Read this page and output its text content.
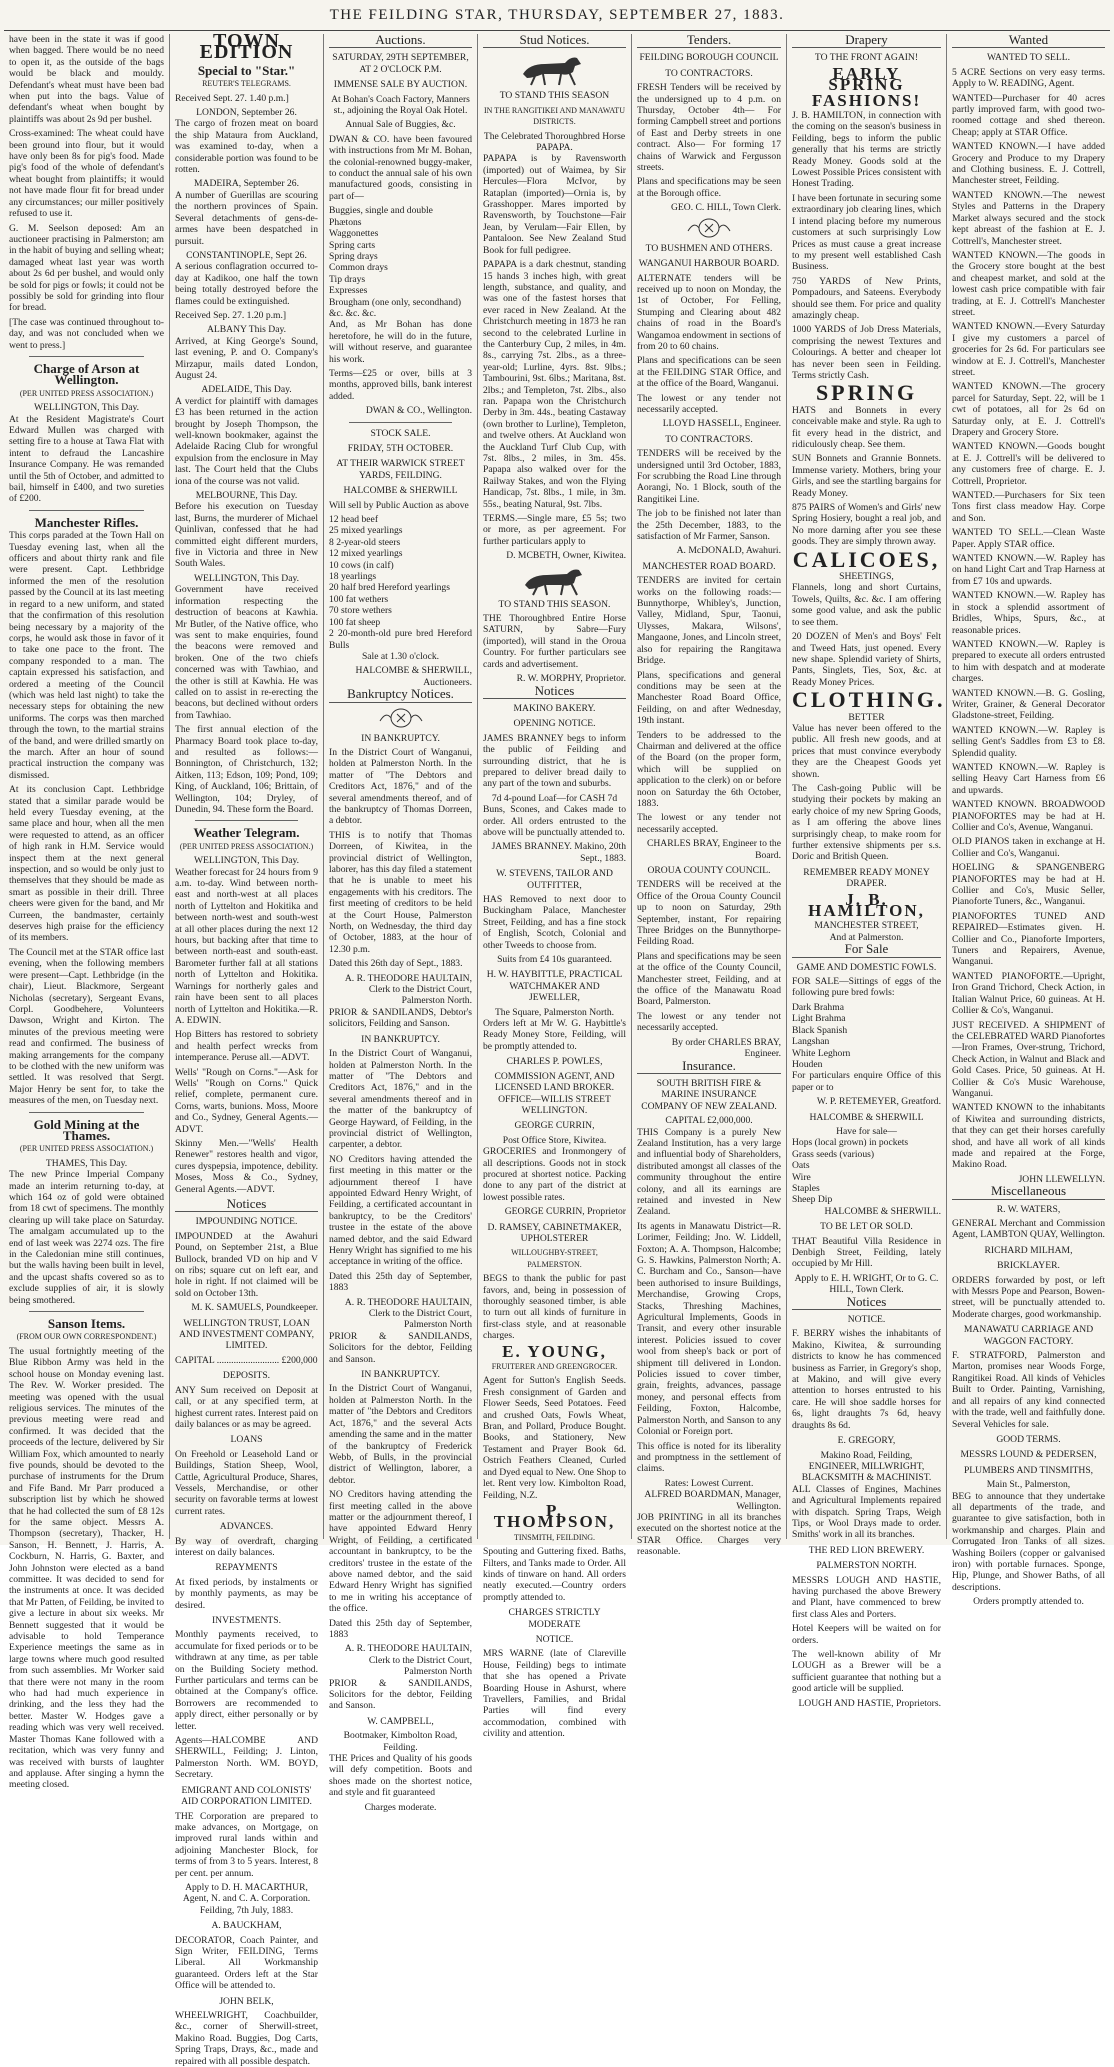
THE FEILDING STAR, THURSDAY, SEPTEMBER 27, 1883.

have been in the state it was if good when bagged. There would be no need to open it, as the outside of the bags would be black and mouldy. Defendant's wheat must have been bad when put into the bags. Value of defendant's wheat when bought by plaintiffs was about 2s 9d per bushel.

Cross-examined: The wheat could have been ground into flour, but it would have only been 8s for pig's food. Made pig's food of the whole of defendant's wheat bought from plaintiffs; it would not have made flour fit for bread under any circumstances; our miller positively refused to use it.

G. M. Seelson deposed: Am an auctioneer practising in Palmerston; am in the habit of buying and selling wheat; damaged wheat last year was worth about 2s 6d per bushel, and would only be sold for pigs or fowls; it could not be possibly be sold for grinding into flour for bread.

[The case was continued throughout to-day, and was not concluded when we went to press.]

Charge of Arson at Wellington.
(PER UNITED PRESS ASSOCIATION.)
WELLINGTON, This Day.

At the Resident Magistrate's Court Edward Mullen was charged with setting fire to a house at Tawa Flat with intent to defraud the Lancashire Insurance Company. He was remanded until the 5th of October, and admitted to bail, himself in £400, and two sureties of £200.

Manchester Rifles.

This corps paraded at the Town Hall on Tuesday evening last, when all the officers and about thirty rank and file were present. Capt. Lethbridge informed the men of the resolution passed by the Council at its last meeting in regard to a new uniform, and stated that the confirmation of this resolution being necessary by a majority of the corps, he would ask those in favor of it to take one pace to the front. The company responded to a man. The captain expressed his satisfaction, and ordered a meeting of the Council (which was held last night) to take the necessary steps for obtaining the new uniforms. The corps was then marched through the town, to the martial strains of the band, and were drilled smartly on the march. After an hour of sound practical instruction the company was dismissed.

At its conclusion Capt. Lethbridge stated that a similar parade would be held every Tuesday evening, at the same place and hour, when all the men were requested to attend, as an officer of high rank in H.M. Service would inspect them at the next general inspection, and so would be only just to themselves that they should be made as smart as possible in their drill. Three cheers were given for the band, and Mr Curreen, the bandmaster, certainly deserves high praise for the efficiency of its members.

The Council met at the STAR office last evening, when the following members were present—Capt. Lethbridge (in the chair), Lieut. Blackmore, Sergeant Nicholas (secretary), Sergeant Evans, Corpl. Goodbehere, Volunteers Dawson, Wright and Kirton. The minutes of the previous meeting were read and confirmed. The business of making arrangements for the company to be clothed with the new uniform was settled. It was resolved that Sergt. Major Henry be sent for, to take the measures of the men, on Tuesday next.

Gold Mining at the Thames.
(PER UNITED PRESS ASSOCIATION.)
THAMES, This Day.

The new Prince Imperial Company made an interim returning to-day, at which 164 oz of gold were obtained from 18 cwt of specimens. The monthly clearing up will take place on Saturday. The amalgam accumulated up to the end of last week was 2274 ozs. The fire in the Caledonian mine still continues, but the walls having been built in level, and the upcast shafts covered so as to exclude supplies of air, it is slowly being smothered.

Sanson Items.
(FROM OUR OWN CORRESPONDENT.)

The usual fortnightly meeting of the Blue Ribbon Army was held in the school house on Monday evening last. The Rev. W. Worker presided. The meeting was opened with the usual religious services. The minutes of the previous meeting were read and confirmed. It was decided that the proceeds of the lecture, delivered by Sir William Fox, which amounted to nearly five pounds, should be devoted to the purchase of instruments for the Drum and Fife Band. Mr Parr produced a subscription list by which he showed that he had collected the sum of £8 12s for the same object. Messrs A. Thompson (secretary), Thacker, H. Sanson, H. Bennett, J. Harris, A. Cockburn, N. Harris, G. Baxter, and John Johnston were elected as a band committee. It was decided to send for the instruments at once. It was decided that Mr Patten, of Feilding, be invited to give a lecture in about six weeks. Mr Bennett suggested that it would be advisable to hold Temperance Experience meetings the same as in large towns where much good resulted from such assemblies. Mr Worker said that there were not many in the room who had had much experience in drinking, and the less they had the better. Master W. Hodges gave a reading which was very well received. Master Thomas Kane followed with a recitation, which was very funny and was received with bursts of laughter and applause. After singing a hymn the meeting closed.

TOWN EDITION
Special to "Star."
REUTER'S TELEGRAMS.

Received Sept. 27. 1.40 p.m.]

LONDON, September 26.

The cargo of frozen meat on board the ship Mataura from Auckland, was examined to-day, when a considerable portion was found to be rotten.

MADEIRA, September 26.

A number of Guerillas are scouring the northern provinces of Spain. Several detachments of gens-de-armes have been despatched in pursuit.

CONSTANTINOPLE, Sept 26.

A serious conflagration occurred to-day at Kadikoo, one half the town being totally destroyed before the flames could be extinguished.

Received Sep. 27. 1.20 p.m.]

ALBANY This Day.

Arrived, at King George's Sound, last evening, P. and O. Company's Mirzapur, mails dated London, August 24.

ADELAIDE, This Day.

A verdict for plaintiff with damages £3 has been returned in the action brought by Joseph Thompson, the well-known bookmaker, against the Adelaide Racing Club for wrongful expulsion from the enclosure in May last. The Court held that the Clubs iona of the course was not valid.

MELBOURNE, This Day.

Before his execution on Tuesday last, Burns, the murderer of Michael Quinlivan, confessed that he had committed eight different murders, five in Victoria and three in New South Wales.

WELLINGTON, This Day.

Government have received information respecting the destruction of beacons at Kawhia. Mr Butler, of the Native office, who was sent to make enquiries, found the beacons were removed and broken. One of the two chiefs concerned was with Tawhiao, and the other is still at Kawhia. He was called on to assist in re-erecting the beacons, but declined without orders from Tawhiao.

The first annual election of the Pharmacy Board took place to-day, and resulted as follows:—Bonnington, of Christchurch, 132; Aitken, 113; Edson, 109; Pond, 109; King, of Auckland, 106; Brittain, of Wellington, 104; Dryley, of Dunedin, 94. These form the Board.

Weather Telegram.
(PER UNITED PRESS ASSOCIATION.)
WELLINGTON, This Day.

Weather forecast for 24 hours from 9 a.m. to-day. Wind between north-east and north-west at all places north of Lyttelton and Hokitika and between north-west and south-west at all other places during the next 12 hours, but backing after that time to between north-east and south-east. Barometer further fall at all stations north of Lyttelton and Hokitika. Warnings for northerly gales and rain have been sent to all places north of Lyttelton and Hokitika.—R. A. EDWIN.

Hop Bitters has restored to sobriety and health perfect wrecks from intemperance. Peruse all.—ADVT.

Wells' "Rough on Corns."—Ask for Wells' "Rough on Corns." Quick relief, complete, permanent cure. Corns, warts, bunions. Moss, Moore and Co., Sydney, General Agents.—ADVT.

Skinny Men.—"Wells' Health Renewer" restores health and vigor, cures dyspepsia, impotence, debility. Moses, Moss & Co., Sydney, General Agents.—ADVT.

Notices
IMPOUNDING NOTICE.

IMPOUNDED at the Awahuri Pound, on September 21st, a Blue Bullock, branded VD on hip and V on ribs; square cut on left ear, and hole in right. If not claimed will be sold on October 13th.

M. K. SAMUELS, Poundkeeper.
WELLINGTON TRUST, LOAN AND INVESTMENT COMPANY, LIMITED.

CAPITAL .......................... £200,000

DEPOSITS.

ANY Sum received on Deposit at call, or at any specified term, at highest current rates. Interest paid on daily balances or as may be agreed.

LOANS

On Freehold or Leasehold Land or Buildings, Station Sheep, Wool, Cattle, Agricultural Produce, Shares, Vessels, Merchandise, or other security on favorable terms at lowest current rates.

ADVANCES.

By way of overdraft, charging interest on daily balances.

REPAYMENTS

At fixed periods, by instalments or by monthly payments, as may be desired.

INVESTMENTS.

Monthly payments received, to accumulate for fixed periods or to be withdrawn at any time, as per table on the Building Society method. Further particulars and terms can be obtained at the Company's office. Borrowers are recommended to apply direct, either personally or by letter.

Agents—HALCOMBE AND SHERWILL, Feilding; J. Linton, Palmerston North. WM. BOYD, Secretary.

EMIGRANT AND COLONISTS' AID CORPORATION LIMITED.

THE Corporation are prepared to make advances, on Mortgage, on improved rural lands within and adjoining Manchester Block, for terms of from 3 to 5 years. Interest, 8 per cent. per annum.

Apply to D. H. MACARTHUR, Agent, N. and C. A. Corporation. Feilding, 7th July, 1883.

A. BAUCKHAM,

DECORATOR, Coach Painter, and Sign Writer, FEILDING, Terms Liberal. All Workmanship guaranteed. Orders left at the Star Office will be attended to.

JOHN BELK,

WHEELWRIGHT, Coachbuilder, &c., corner of Sherwill-street, Makino Road. Buggies, Dog Carts, Spring Traps, Drays, &c., made and repaired with all possible despatch.

Auctions.
SATURDAY, 29TH SEPTEMBER, AT 2 O'CLOCK P.M.
IMMENSE SALE BY AUCTION.

At Bohan's Coach Factory, Manners st., adjoining the Royal Oak Hotel.

Annual Sale of Buggies, &c.

DWAN & CO. have been favoured with instructions from Mr M. Bohan, the colonial-renowned buggy-maker, to conduct the annual sale of his own manufactured goods, consisting in part of—

Buggies, single and double
Phætons
Waggonettes
Spring carts
Spring drays
Common drays
Tip drays
Expresses
Brougham (one only, secondhand)
&c. &c. &c.

And, as Mr Bohan has done heretofore, he will do in the future, will without reserve, and guarantee his work.

Terms—£25 or over, bills at 3 months, approved bills, bank interest added.

DWAN & CO., Wellington.
STOCK SALE.
FRIDAY, 5TH OCTOBER.
AT THEIR WARWICK STREET YARDS, FEILDING.
HALCOMBE & SHERWILL

Will sell by Public Auction as above

12 head beef
25 mixed yearlings
8 2-year-old steers
12 mixed yearlings
10 cows (in calf)
18 yearlings
20 half bred Hereford yearlings
100 fat wethers
70 store wethers
100 fat sheep
2 20-month-old pure bred Hereford Bulls

Sale at 1.30 o'clock.

HALCOMBE & SHERWILL, Auctioneers.
Bankruptcy Notices.
IN BANKRUPTCY.

In the District Court of Wanganui, holden at Palmerston North. In the matter of "The Debtors and Creditors Act, 1876," and of the several amendments thereof, and of the bankruptcy of Thomas Dorreen, a debtor.

THIS is to notify that Thomas Dorreen, of Kiwitea, in the provincial district of Wellington, laborer, has this day filed a statement that he is unable to meet his engagements with his creditors. The first meeting of creditors to be held at the Court House, Palmerston North, on Wednesday, the third day of October, 1883, at the hour of 12.30 p.m.

Dated this 26th day of Sept., 1883.

A. R. THEODORE HAULTAIN, Clerk to the District Court, Palmerston North.

PRIOR & SANDILANDS, Debtor's solicitors, Feilding and Sanson.

IN BANKRUPTCY.

In the District Court of Wanganui, holden at Palmerston North. In the matter of "The Debtors and Creditors Act, 1876," and in the several amendments thereof and in the matter of the bankruptcy of George Hayward, of Feilding, in the provincial district of Wellington, carpenter, a debtor.

NO Creditors having attended the first meeting in this matter or the adjournment thereof I have appointed Edward Henry Wright, of Feilding, a certificated accountant in bankruptcy, to be the Creditors' trustee in the estate of the above named debtor, and the said Edward Henry Wright has signified to me his acceptance in writing of the office.

Dated this 25th day of September, 1883

A. R. THEODORE HAULTAIN, Clerk to the District Court, Palmerston North

PRIOR & SANDILANDS, Solicitors for the debtor, Feilding and Sanson.

IN BANKRUPTCY.

In the District Court of Wanganui, holden at Palmerston North. In the matter of "the Debtors and Creditors Act, 1876," and the several Acts amending the same and in the matter of the bankruptcy of Frederick Webb, of Bulls, in the provincial district of Wellington, laborer, a debtor.

NO Creditors having attending the first meeting called in the above matter or the adjournment thereof, I have appointed Edward Henry Wright, of Feilding, a certificated accountant in bankruptcy, to be the creditors' trustee in the estate of the above named debtor, and the said Edward Henry Wright has signified to me in writing his acceptance of the office.

Dated this 25th day of September, 1883

A. R. THEODORE HAULTAIN, Clerk to the District Court, Palmerston North

PRIOR & SANDILANDS, Solicitors for the debtor, Feilding and Sanson.

W. CAMPBELL,
Bootmaker, Kimbolton Road, Feilding.

THE Prices and Quality of his goods will defy competition. Boots and shoes made on the shortest notice, and style and fit guaranteed

Charges moderate.
Stud Notices.
TO STAND THIS SEASON
IN THE RANGITIKEI AND MANAWATU DISTRICTS.
The Celebrated Thoroughbred Horse PAPAPA.

PAPAPA is by Ravensworth (imported) out of Waimea, by Sir Hercules—Flora McIvor, by Rataplan (imported)—Ornia is, by Grasshopper. Mares imported by Ravensworth, by Touchstone—Fair Jean, by Verulam—Fair Ellen, by Pantaloon. See New Zealand Stud Book for full pedigree.

PAPAPA is a dark chestnut, standing 15 hands 3 inches high, with great length, substance, and quality, and was one of the fastest horses that ever raced in New Zealand. At the Christchurch meeting in 1873 he ran second to the celebrated Lurline in the Canterbury Cup, 2 miles, in 4m. 8s., carrying 7st. 2lbs., as a three-year-old; Lurline, 4yrs. 8st. 9lbs.; Tambourini, 9st. 6lbs.; Maritana, 8st. 2lbs.; and Templeton, 7st. 2lbs., also ran. Papapa won the Christchurch Derby in 3m. 44s., beating Castaway (own brother to Lurline), Templeton, and twelve others. At Auckland won the Auckland Turf Club Cup, with 7st. 8lbs., 2 miles, in 3m. 45s. Papapa also walked over for the Railway Stakes, and won the Flying Handicap, 7st. 8lbs., 1 mile, in 3m. 55s., beating Natural, 9st. 7lbs.

TERMS.—Single mare, £5 5s; two or more, as per agreement. For further particulars apply to

D. MCBETH, Owner, Kiwitea.
TO STAND THIS SEASON.

THE Thoroughbred Entire Horse SATURN, by Sabre—Fury (imported), will stand in the Oroua Country. For further particulars see cards and advertisement.

R. W. MORPHY, Proprietor.
Notices
MAKINO BAKERY.
OPENING NOTICE.

JAMES BRANNEY begs to inform the public of Feilding and surrounding district, that he is prepared to deliver bread daily to any part of the town and suburbs.

7d 4-pound Loaf—for CASH 7d

Buns, Scones, and Cakes made to order. All orders entrusted to the above will be punctually attended to.

JAMES BRANNEY. Makino, 20th Sept., 1883.
W. STEVENS, TAILOR AND OUTFITTER,

HAS Removed to next door to Buckingham Palace, Manchester Street, Feilding, and has a fine stock of English, Scotch, Colonial and other Tweeds to choose from.

Suits from £4 10s guaranteed.
H. W. HAYBITTLE, PRACTICAL WATCHMAKER AND JEWELLER,
The Square, Palmerston North.

Orders left at Mr W. G. Haybittle's Ready Money Store, Feilding, will be promptly attended to.

CHARLES P. POWLES,
COMMISSION AGENT, AND LICENSED LAND BROKER. OFFICE—WILLIS STREET WELLINGTON.
GEORGE CURRIN,
Post Office Store, Kiwitea.

GROCERIES and Ironmongery of all descriptions. Goods not in stock procured at shortest notice. Packing done to any part of the district at lowest possible rates.

GEORGE CURRIN, Proprietor
D. RAMSEY, CABINETMAKER, UPHOLSTERER
WILLOUGHBY-STREET, PALMERSTON.

BEGS to thank the public for past favors, and, being in possession of thoroughly seasoned timber, is able to turn out all kinds of furniture in first-class style, and at reasonable charges.

E. YOUNG,
FRUITERER AND GREENGROCER.

Agent for Sutton's English Seeds. Fresh consignment of Garden and Flower Seeds, Seed Potatoes. Feed and crushed Oats, Fowls Wheat, Bran, and Pollard, Produce Bought. Books, and Stationery, New Testament and Prayer Book 6d. Ostrich Feathers Cleaned, Curled and Dyed equal to New. One Shop to let. Rent very low. Kimbolton Road, Feilding, N.Z.

P. THOMPSON,
TINSMITH, FEILDING.

Spouting and Guttering fixed. Baths, Filters, and Tanks made to Order. All kinds of tinware on hand. All orders neatly executed.—Country orders promptly attended to.

CHARGES STRICTLY MODERATE
NOTICE.

MRS WARNE (late of Clareville House, Feilding) begs to intimate that she has opened a Private Boarding House in Ashurst, where Travellers, Families, and Bridal Parties will find every accommodation, combined with civility and attention.

Tenders.
FEILDING BOROUGH COUNCIL
TO CONTRACTORS.

FRESH Tenders will be received by the undersigned up to 4 p.m. on Thursday, October 4th— For forming Campbell street and portions of East and Derby streets in one contract. Also— For forming 17 chains of Warwick and Fergusson streets.

Plans and specifications may be seen at the Borough office.

GEO. C. HILL, Town Clerk.
TO BUSHMEN AND OTHERS.
WANGANUI HARBOUR BOARD.

ALTERNATE tenders will be received up to noon on Monday, the 1st of October, For Felling, Stumping and Clearing about 482 chains of road in the Board's Wangamoa endowment in sections of from 20 to 60 chains.

Plans and specifications can be seen at the FEILDING STAR Office, and at the office of the Board, Wanganui.

The lowest or any tender not necessarily accepted.

LLOYD HASSELL, Engineer.
TO CONTRACTORS.

TENDERS will be received by the undersigned until 3rd October, 1883, For scrubbing the Road Line through Aorangi, No. 1 Block, south of the Rangitikei Line.

The job to be finished not later than the 25th December, 1883, to the satisfaction of Mr Farmer, Sanson.

A. McDONALD, Awahuri.
MANCHESTER ROAD BOARD.

TENDERS are invited for certain works on the following roads:— Bunnythorpe, Whibley's, Junction, Valley, Midland, Spur, Taonui, Ulysses, Makara, Wilsons', Mangaone, Jones, and Lincoln street, also for repairing the Rangitawa Bridge.

Plans, specifications and general conditions may be seen at the Manchester Road Board Office, Feilding, on and after Wednesday, 19th instant.

Tenders to be addressed to the Chairman and delivered at the office of the Board (on the proper form, which will be supplied on application to the clerk) on or before noon on Saturday the 6th October, 1883.

The lowest or any tender not necessarily accepted.

CHARLES BRAY, Engineer to the Board.
OROUA COUNTY COUNCIL.

TENDERS will be received at the Office of the Oroua County Council up to noon on Saturday, 29th September, instant, For repairing Three Bridges on the Bunnythorpe-Feilding Road.

Plans and specifications may be seen at the office of the County Council, Manchester street, Feilding, and at the office of the Manawatu Road Board, Palmerston.

The lowest or any tender not necessarily accepted.

By order CHARLES BRAY, Engineer.
Insurance.
SOUTH BRITISH FIRE & MARINE INSURANCE COMPANY OF NEW ZEALAND.
CAPITAL £2,000,000.

THIS Company is a purely New Zealand Institution, has a very large and influential body of Shareholders, distributed amongst all classes of the community throughout the entire colony, and all its earnings are retained and invested in New Zealand.

Its agents in Manawatu District—R. Lorimer, Feilding; Jno. W. Liddell, Foxton; A. A. Thompson, Halcombe; G. S. Hawkins, Palmerston North; A. C. Burcham and Co., Sanson—have been authorised to insure Buildings, Merchandise, Growing Crops, Stacks, Threshing Machines, Agricultural Implements, Goods in Transit, and every other insurable interest. Policies issued to cover wool from sheep's back or port of shipment till delivered in London. Policies issued to cover timber, grain, freights, advances, passage money, and personal effects from Feilding, Foxton, Halcombe, Palmerston North, and Sanson to any Colonial or Foreign port.

This office is noted for its liberality and promptness in the settlement of claims.

Rates: Lowest Current.
ALFRED BOARDMAN, Manager, Wellington.

JOB PRINTING in all its branches executed on the shortest notice at the STAR Office. Charges very reasonable.

Drapery
TO THE FRONT AGAIN!
EARLY SPRING
FASHIONS!

J. B. HAMILTON, in connection with the coming on the season's business in Feilding, begs to inform the public generally that his terms are strictly Ready Money. Goods sold at the Lowest Possible Prices consistent with Honest Trading.

I have been fortunate in securing some extraordinary job clearing lines, which I intend placing before my numerous customers at such surprisingly Low Prices as must cause a great increase to my present well established Cash Business.

750 YARDS of New Prints, Pompadours, and Sateens. Everybody should see them. For price and quality amazingly cheap.

1000 YARDS of Job Dress Materials, comprising the newest Textures and Colourings. A better and cheaper lot has never been seen in Feilding. Terms strictly Cash.

SPRING

HATS and Bonnets in every conceivable make and style. Ra ugh to fit every head in the district, and ridiculously cheap. See them.

SUN Bonnets and Grannie Bonnets. Immense variety. Mothers, bring your Girls, and see the startling bargains for Ready Money.

875 PAIRS of Women's and Girls' new Spring Hosiery, bought a real job, and No more darning after you see these goods. They are simply thrown away.

CALICOES,
SHEETINGS,

Flannels, long and short Curtains, Towels, Quilts, &c. &c. I am offering some good value, and ask the public to see them.

20 DOZEN of Men's and Boys' Felt and Tweed Hats, just opened. Every new shape. Splendid variety of Shirts, Pants, Singlets, Ties, Sox, &c. at Ready Money Prices.

CLOTHING.
BETTER

Value has never been offered to the public. All fresh new goods, and at prices that must convince everybody they are the Cheapest Goods yet shown.

The Cash-going Public will be studying their pockets by making an early choice of my new Spring Goods, as I am offering the above lines surprisingly cheap, to make room for further extensive shipments per s.s. Doric and British Queen.

REMEMBER READY MONEY DRAPER.
J. B. HAMILTON,
MANCHESTER STREET,
And at Palmerston.
For Sale
GAME AND DOMESTIC FOWLS.

FOR SALE—Sittings of eggs of the following pure bred fowls:

Dark Brahma
Light Brahma
Black Spanish
Langshan
White Leghorn
Houden

For particulars enquire Office of this paper or to

W. P. RETEMEYER, Greatford.
HALCOMBE & SHERWILL
Have for sale—
Hops (local grown) in pockets
Grass seeds (various)
Oats
Wire
Staples
Sheep Dip
HALCOMBE & SHERWILL.
TO BE LET OR SOLD.

THAT Beautiful Villa Residence in Denbigh Street, Feilding, lately occupied by Mr Hill.

Apply to E. H. WRIGHT, Or to G. C. HILL, Town Clerk.
Notices
NOTICE.

F. BERRY wishes the inhabitants of Makino, Kiwitea, & surrounding districts to know he has commenced business as Farrier, in Gregory's shop, at Makino, and will give every attention to horses entrusted to his care. He will shoe saddle horses for 6s, light draughts 7s 6d, heavy draughts 8s 6d.

E. GREGORY,
Makino Road, Feilding,
ENGINEER, MILLWRIGHT, BLACKSMITH & MACHINIST.

ALL Classes of Engines, Machines and Agricultural Implements repaired with dispatch. Spring Traps, Weigh Tips, or Wool Drays made to order. Smiths' work in all its branches.

THE RED LION BREWERY.
PALMERSTON NORTH.

MESSRS LOUGH AND HASTIE, having purchased the above Brewery and Plant, have commenced to brew first class Ales and Porters.

Hotel Keepers will be waited on for orders.

The well-known ability of Mr LOUGH as a Brewer will be a sufficient guarantee that nothing but a good article will be supplied.

LOUGH AND HASTIE, Proprietors.
Wanted
WANTED TO SELL.

5 ACRE Sections on very easy terms. Apply to W. READING, Agent.

WANTED—Purchaser for 40 acres partly improved farm, with good two-roomed cottage and shed thereon. Cheap; apply at STAR Office.

WANTED KNOWN.—I have added Grocery and Produce to my Drapery and Clothing business. E. J. Cottrell, Manchester street, Feilding.

WANTED KNOWN.—The newest Styles and Patterns in the Drapery Market always secured and the stock kept abreast of the fashion at E. J. Cottrell's, Manchester street.

WANTED KNOWN.—The goods in the Grocery store bought at the best and cheapest market, and sold at the lowest cash price compatible with fair trading, at E. J. Cottrell's Manchester street.

WANTED KNOWN.—Every Saturday I give my customers a parcel of groceries for 2s 6d. For particulars see window at E. J. Cottrell's, Manchester street.

WANTED KNOWN.—The grocery parcel for Saturday, Sept. 22, will be 1 cwt of potatoes, all for 2s 6d on Saturday only, at E. J. Cottrell's Drapery and Grocery Store.

WANTED KNOWN.—Goods bought at E. J. Cottrell's will be delivered to any customers free of charge. E. J. Cottrell, Proprietor.

WANTED.—Purchasers for Six teen Tons first class meadow Hay. Corpe and Son.

WANTED TO SELL.—Clean Waste Paper. Apply STAR office.

WANTED KNOWN.—W. Rapley has on hand Light Cart and Trap Harness at from £7 10s and upwards.

WANTED KNOWN.—W. Rapley has in stock a splendid assortment of Bridles, Whips, Spurs, &c., at reasonable prices.

WANTED KNOWN.—W. Rapley is prepared to execute all orders entrusted to him with despatch and at moderate charges.

WANTED KNOWN.—B. G. Gosling, Writer, Grainer, & General Decorator Gladstone-street, Feilding.

WANTED KNOWN.—W. Rapley is selling Gent's Saddles from £3 to £8. Splendid quality.

WANTED KNOWN.—W. Rapley is selling Heavy Cart Harness from £6 and upwards.

WANTED KNOWN. BROADWOOD PIANOFORTES may be had at H. Collier and Co's, Avenue, Wanganui.

OLD PIANOS taken in exchange at H. Collier and Co's, Wanganui.

HOELING & SPANGENBERG PIANOFORTES may be had at H. Collier and Co's, Music Seller, Pianoforte Tuners, &c., Wanganui.

PIANOFORTES TUNED AND REPAIRED—Estimates given. H. Collier and Co., Pianoforte Importers, Tuners and Repairers, Avenue, Wanganui.

WANTED PIANOFORTE.—Upright, Iron Grand Trichord, Check Action, in Italian Walnut Price, 60 guineas. At H. Collier & Co's, Wanganui.

JUST RECEIVED. A SHIPMENT of the CELEBRATED WARD Pianofortes—Iron Frames, Over-strung, Trichord, Check Action, in Walnut and Black and Gold Cases. Price, 50 guineas. At H. Collier & Co's Music Warehouse, Wanganui.

WANTED KNOWN to the inhabitants of Kiwitea and surrounding districts, that they can get their horses carefully shod, and have all work of all kinds made and repaired at the Forge, Makino Road.

JOHN LLEWELLYN.
Miscellaneous
R. W. WATERS,

GENERAL Merchant and Commission Agent, LAMBTON QUAY, Wellington.

RICHARD MILHAM,
BRICKLAYER.

ORDERS forwarded by post, or left with Messrs Pope and Pearson, Bowen-street, will be punctually attended to. Moderate charges, good workmanship.

MANAWATU CARRIAGE AND WAGGON FACTORY.

F. STRATFORD, Palmerston and Marton, promises near Woods Forge, Rangitikei Road. All kinds of Vehicles Built to Order. Painting, Varnishing, and all repairs of any kind connected with the trade, well and faithfully done. Several Vehicles for sale.

GOOD TERMS.
MESSRS LOUND & PEDERSEN,
PLUMBERS AND TINSMITHS,
Main St., Palmerston,

BEG to announce that they undertake all departments of the trade, and guarantee to give satisfaction, both in workmanship and charges. Plain and Corrugated Iron Tanks of all sizes. Washing Boilers (copper or galvanised iron) with portable furnaces. Sponge, Hip, Plunge, and Shower Baths, of all descriptions.

Orders promptly attended to.
